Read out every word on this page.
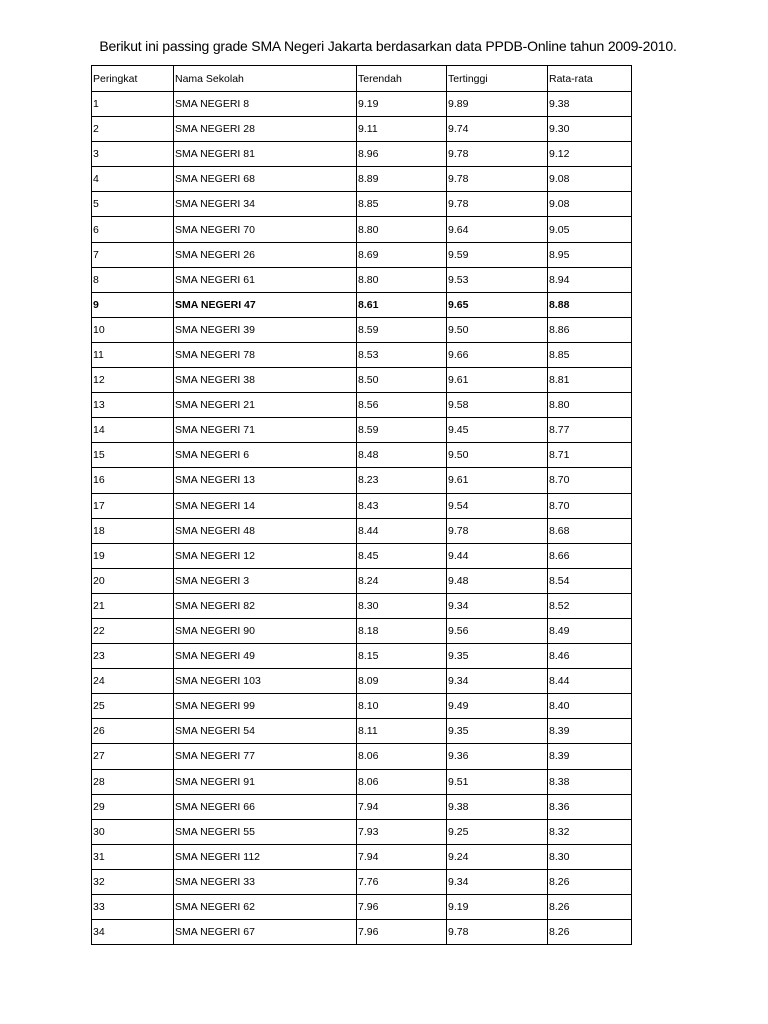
Berikut ini passing grade SMA Negeri Jakarta berdasarkan data PPDB-Online tahun 2009-2010.
Peringkat	Nama Sekolah	Terendah	Tertinggi	Rata-rata
1	SMA NEGERI 8	9.19	9.89	9.38
2	SMA NEGERI 28	9.11	9.74	9.30
3	SMA NEGERI 81	8.96	9.78	9.12
4	SMA NEGERI 68	8.89	9.78	9.08
5	SMA NEGERI 34	8.85	9.78	9.08
6	SMA NEGERI 70	8.80	9.64	9.05
7	SMA NEGERI 26	8.69	9.59	8.95
8	SMA NEGERI 61	8.80	9.53	8.94
9	SMA NEGERI 47	8.61	9.65	8.88
10	SMA NEGERI 39	8.59	9.50	8.86
11	SMA NEGERI 78	8.53	9.66	8.85
12	SMA NEGERI 38	8.50	9.61	8.81
13	SMA NEGERI 21	8.56	9.58	8.80
14	SMA NEGERI 71	8.59	9.45	8.77
15	SMA NEGERI 6	8.48	9.50	8.71
16	SMA NEGERI 13	8.23	9.61	8.70
17	SMA NEGERI 14	8.43	9.54	8.70
18	SMA NEGERI 48	8.44	9.78	8.68
19	SMA NEGERI 12	8.45	9.44	8.66
20	SMA NEGERI 3	8.24	9.48	8.54
21	SMA NEGERI 82	8.30	9.34	8.52
22	SMA NEGERI 90	8.18	9.56	8.49
23	SMA NEGERI 49	8.15	9.35	8.46
24	SMA NEGERI 103	8.09	9.34	8.44
25	SMA NEGERI 99	8.10	9.49	8.40
26	SMA NEGERI 54	8.11	9.35	8.39
27	SMA NEGERI 77	8.06	9.36	8.39
28	SMA NEGERI 91	8.06	9.51	8.38
29	SMA NEGERI 66	7.94	9.38	8.36
30	SMA NEGERI 55	7.93	9.25	8.32
31	SMA NEGERI 112	7.94	9.24	8.30
32	SMA NEGERI 33	7.76	9.34	8.26
33	SMA NEGERI 62	7.96	9.19	8.26
34	SMA NEGERI 67	7.96	9.78	8.26
